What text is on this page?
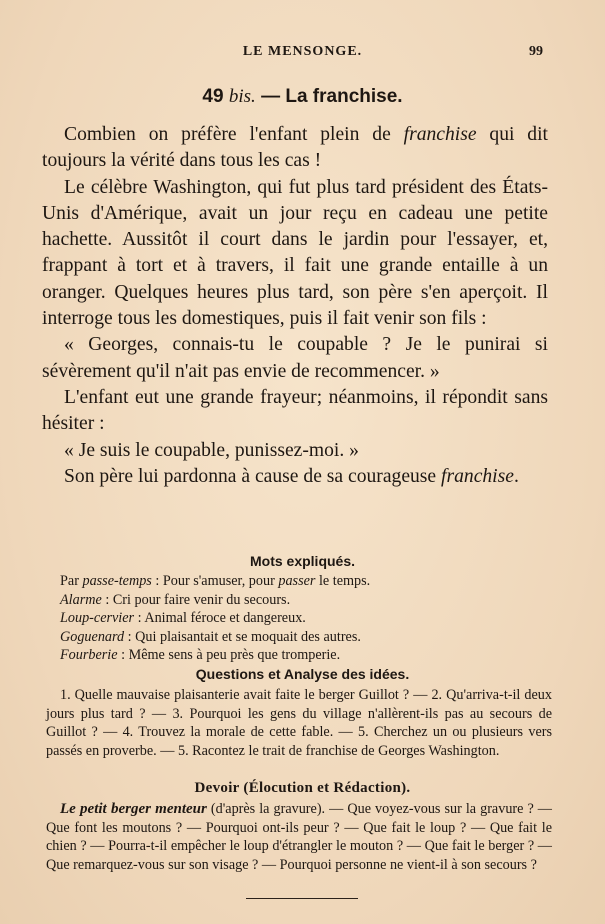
LE MENSONGE.	99
49 bis. — La franchise.

Combien on préfère l'enfant plein de franchise qui dit toujours la vérité dans tous les cas !

Le célèbre Washington, qui fut plus tard président des États-Unis d'Amérique, avait un jour reçu en cadeau une petite hachette. Aussitôt il court dans le jardin pour l'essayer, et, frappant à tort et à travers, il fait une grande entaille à un oranger. Quelques heures plus tard, son père s'en aperçoit. Il interroge tous les domestiques, puis il fait venir son fils :

« Georges, connais-tu le coupable ? Je le punirai si sévèrement qu'il n'ait pas envie de recommencer. »

L'enfant eut une grande frayeur; néanmoins, il répondit sans hésiter :

« Je suis le coupable, punissez-moi. »

Son père lui pardonna à cause de sa courageuse franchise.

Mots expliqués.
Par passe-temps : Pour s'amuser, pour passer le temps.
Alarme : Cri pour faire venir du secours.
Loup-cervier : Animal féroce et dangereux.
Goguenard : Qui plaisantait et se moquait des autres.
Fourberie : Même sens à peu près que tromperie.
Questions et Analyse des idées.

1. Quelle mauvaise plaisanterie avait faite le berger Guillot ? — 2. Qu'arriva-t-il deux jours plus tard ? — 3. Pourquoi les gens du village n'allèrent-ils pas au secours de Guillot ? — 4. Trouvez la morale de cette fable. — 5. Cherchez un ou plusieurs vers passés en proverbe. — 5. Racontez le trait de franchise de Georges Washington.

Devoir (Élocution et Rédaction).

Le petit berger menteur (d'après la gravure). — Que voyez-vous sur la gravure ? — Que font les moutons ? — Pourquoi ont-ils peur ? — Que fait le loup ? — Que fait le chien ? — Pourra-t-il empêcher le loup d'étrangler le mouton ? — Que fait le berger ? — Que remarquez-vous sur son visage ? — Pourquoi personne ne vient-il à son secours ?
